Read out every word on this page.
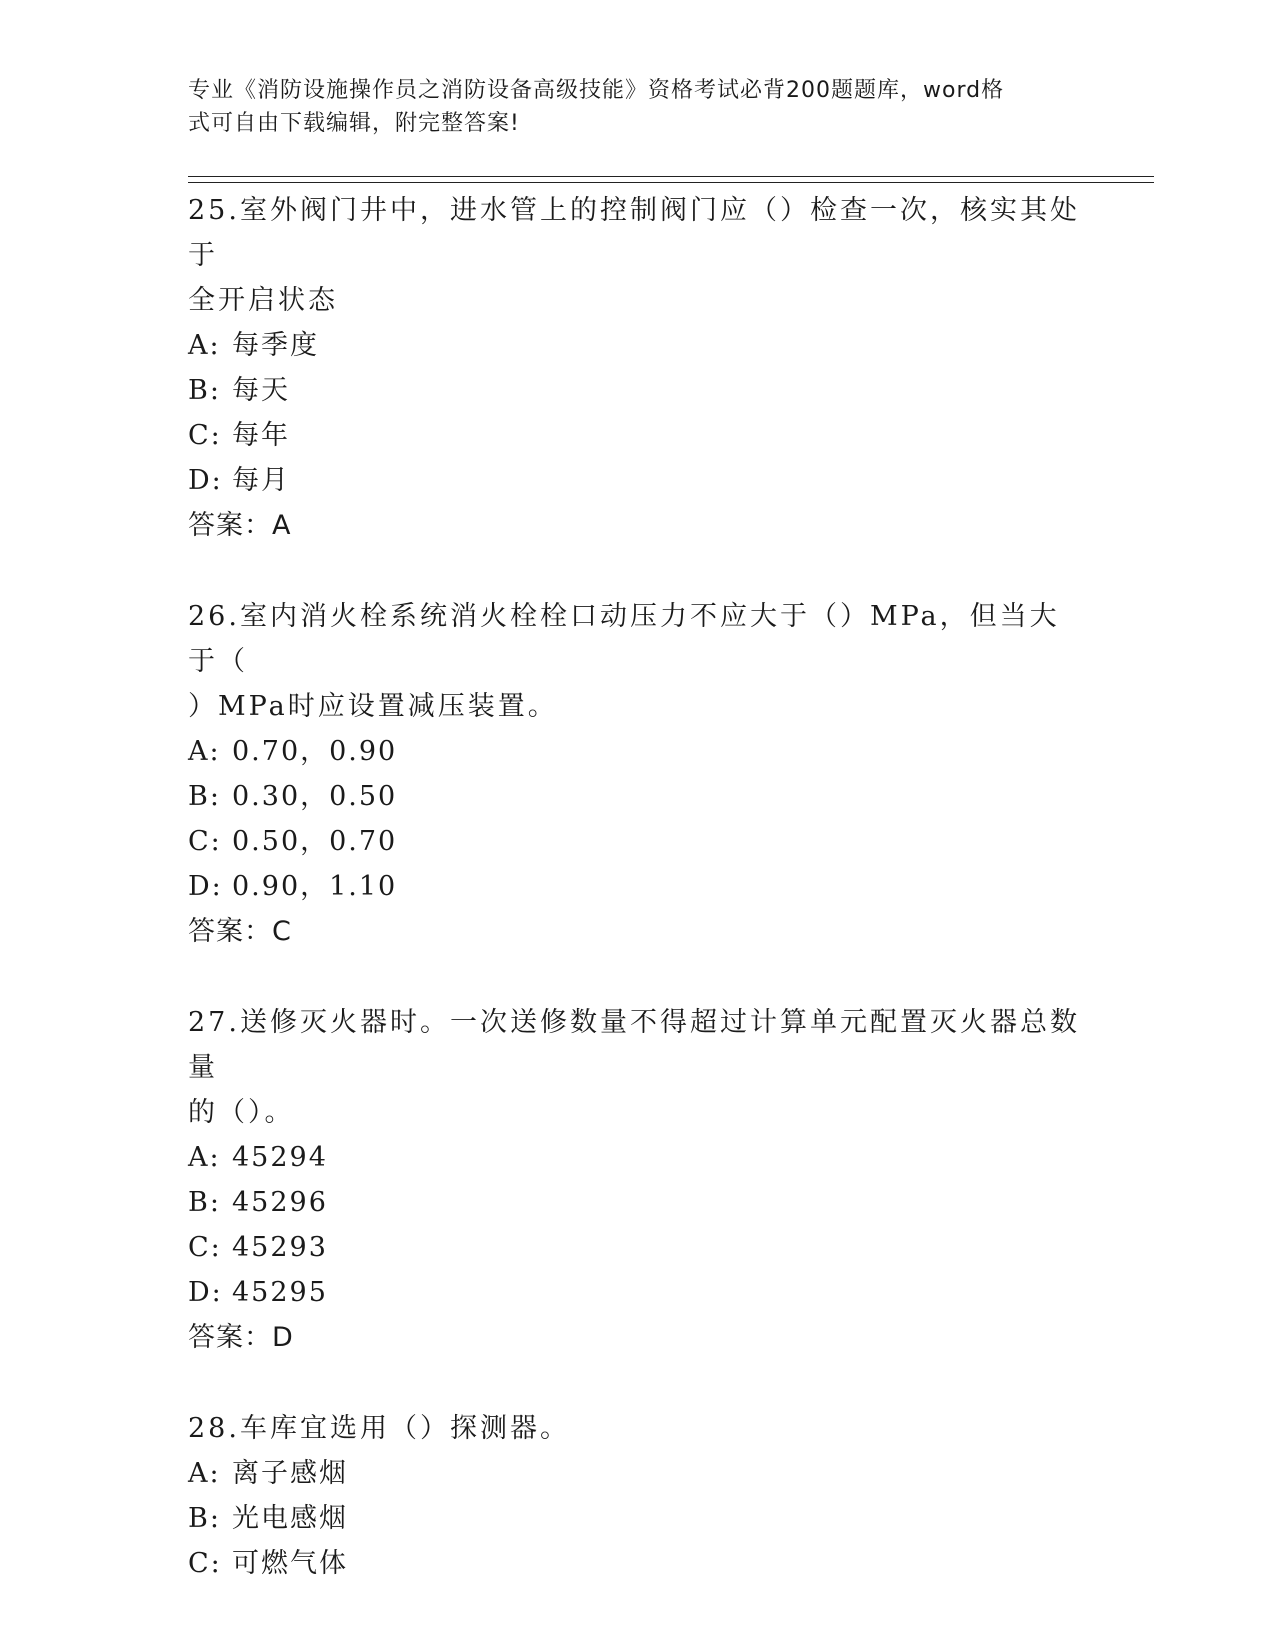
专业《消防设施操作员之消防设备高级技能》资格考试必背200题题库，word格
式可自由下载编辑，附完整答案!
25.室外阀门井中，进水管上的控制阀门应（）检查一次，核实其处于
全开启状态
A: 每季度
B: 每天
C: 每年
D: 每月
答案：A
26.室内消火栓系统消火栓栓口动压力不应大于（）MPa，但当大于（
）MPa时应设置减压装置。
A: 0.70，0.90
B: 0.30，0.50
C: 0.50，0.70
D: 0.90，1.10
答案：C
27.送修灭火器时。一次送修数量不得超过计算单元配置灭火器总数量
的（）。
A: 45294
B: 45296
C: 45293
D: 45295
答案：D
28.车库宜选用（）探测器。
A: 离子感烟
B: 光电感烟
C: 可燃气体
